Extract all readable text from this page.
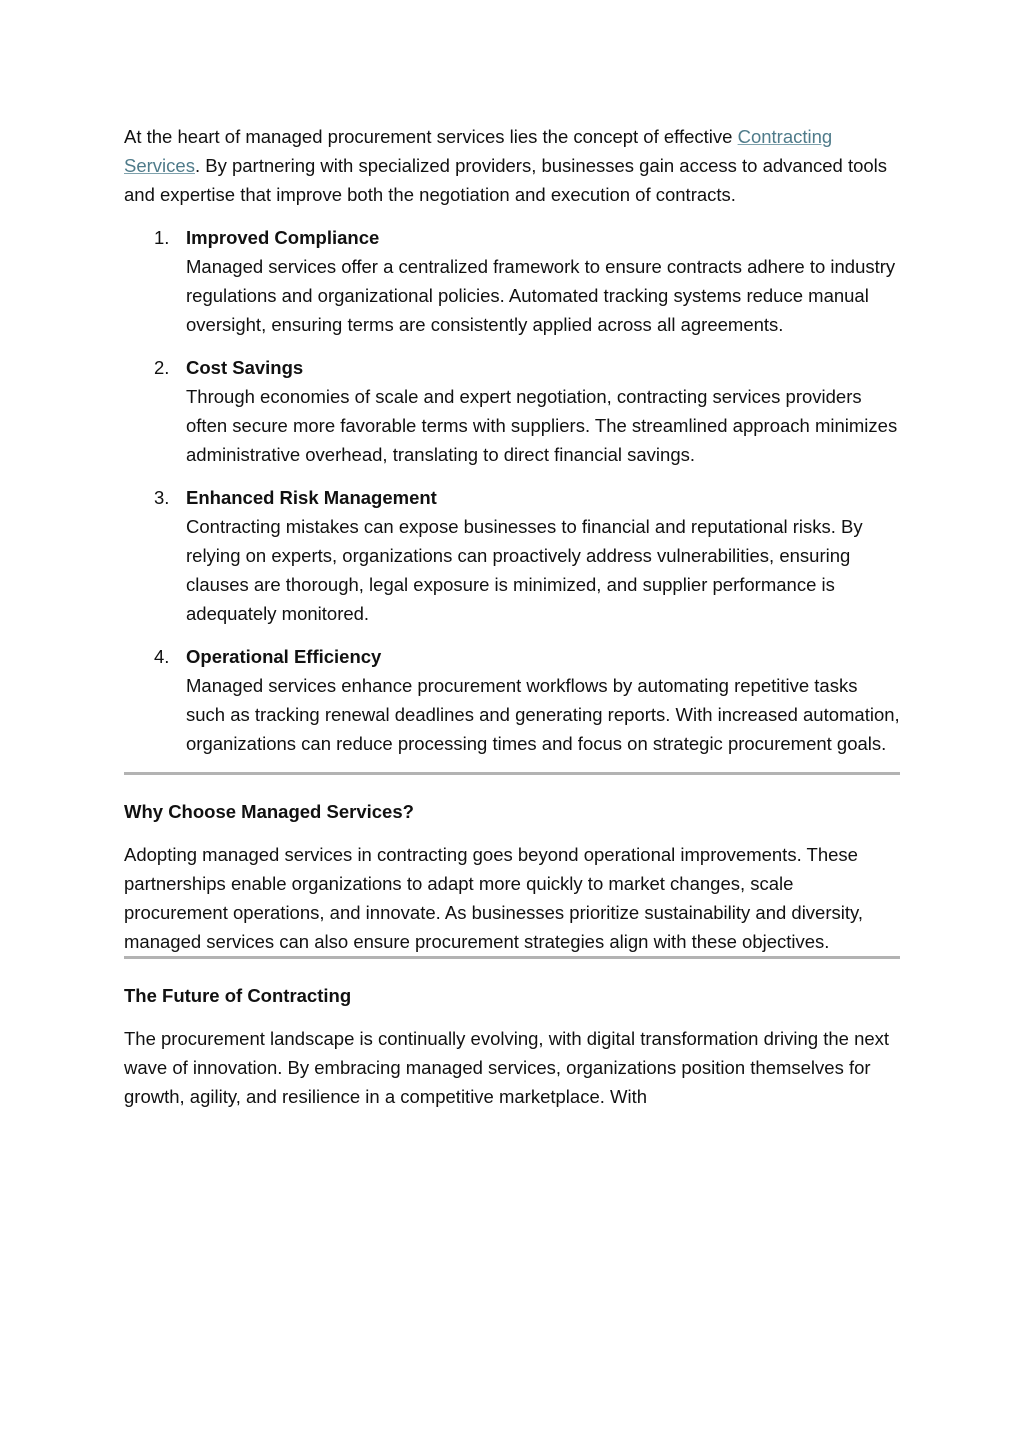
At the heart of managed procurement services lies the concept of effective Contracting Services. By partnering with specialized providers, businesses gain access to advanced tools and expertise that improve both the negotiation and execution of contracts.

1. Improved Compliance
Managed services offer a centralized framework to ensure contracts adhere to industry regulations and organizational policies. Automated tracking systems reduce manual oversight, ensuring terms are consistently applied across all agreements.
2. Cost Savings
Through economies of scale and expert negotiation, contracting services providers often secure more favorable terms with suppliers. The streamlined approach minimizes administrative overhead, translating to direct financial savings.
3. Enhanced Risk Management
Contracting mistakes can expose businesses to financial and reputational risks. By relying on experts, organizations can proactively address vulnerabilities, ensuring clauses are thorough, legal exposure is minimized, and supplier performance is adequately monitored.
4. Operational Efficiency
Managed services enhance procurement workflows by automating repetitive tasks such as tracking renewal deadlines and generating reports. With increased automation, organizations can reduce processing times and focus on strategic procurement goals.

Why Choose Managed Services?

Adopting managed services in contracting goes beyond operational improvements. These partnerships enable organizations to adapt more quickly to market changes, scale procurement operations, and innovate. As businesses prioritize sustainability and diversity, managed services can also ensure procurement strategies align with these objectives.

The Future of Contracting

The procurement landscape is continually evolving, with digital transformation driving the next wave of innovation. By embracing managed services, organizations position themselves for growth, agility, and resilience in a competitive marketplace. With
